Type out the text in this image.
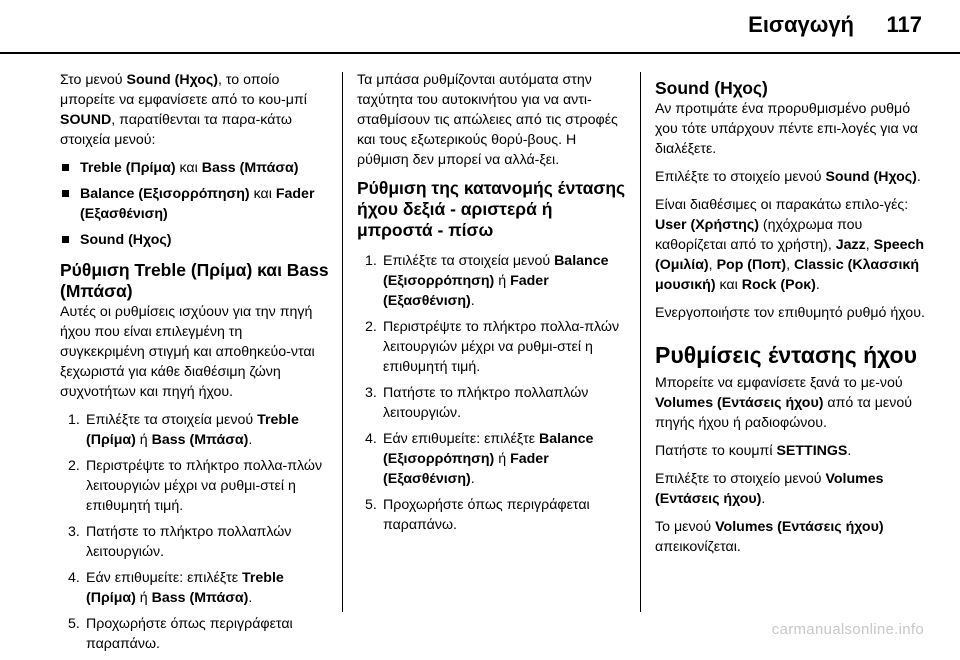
Εισαγωγή 117

Στο μενού Sound (Ηχος), το οποίο μπορείτε να εμφανίσετε από το κου-μπί SOUND, παρατίθενται τα παρα-κάτω στοιχεία μενού:

Treble (Πρίμα) και Bass (Μπάσα)
Balance (Εξισορρόπηση) και Fader (Εξασθένιση)
Sound (Ηχος)
Ρύθμιση Treble (Πρίμα) και Bass (Μπάσα)

Αυτές οι ρυθμίσεις ισχύουν για την πηγή ήχου που είναι επιλεγμένη τη συγκεκριμένη στιγμή και αποθηκεύο-νται ξεχωριστά για κάθε διαθέσιμη ζώνη συχνοτήτων και πηγή ήχου.

1. Επιλέξτε τα στοιχεία μενού Treble (Πρίμα) ή Bass (Μπάσα).
2. Περιστρέψτε το πλήκτρο πολλα-πλών λειτουργιών μέχρι να ρυθμι-στεί η επιθυμητή τιμή.
3. Πατήστε το πλήκτρο πολλαπλών λειτουργιών.
4. Εάν επιθυμείτε: επιλέξτε Treble (Πρίμα) ή Bass (Μπάσα).
5. Προχωρήστε όπως περιγράφεται παραπάνω.

Τα μπάσα ρυθμίζονται αυτόματα στην ταχύτητα του αυτοκινήτου για να αντι-σταθμίσουν τις απώλειες από τις στροφές και τους εξωτερικούς θορύ-βους. Η ρύθμιση δεν μπορεί να αλλά-ξει.

Ρύθμιση της κατανομής έντασης ήχου δεξιά - αριστερά ή μπροστά - πίσω
1. Επιλέξτε τα στοιχεία μενού Balance (Εξισορρόπηση) ή Fader (Εξασθένιση).
2. Περιστρέψτε το πλήκτρο πολλα-πλών λειτουργιών μέχρι να ρυθμι-στεί η επιθυμητή τιμή.
3. Πατήστε το πλήκτρο πολλαπλών λειτουργιών.
4. Εάν επιθυμείτε: επιλέξτε Balance (Εξισορρόπηση) ή Fader (Εξασθένιση).
5. Προχωρήστε όπως περιγράφεται παραπάνω.
Sound (Ηχος)

Αν προτιμάτε ένα προρυθμισμένο ρυθμό χου τότε υπάρχουν πέντε επι-λογές για να διαλέξετε.

Επιλέξτε το στοιχείο μενού Sound (Ηχος).

Είναι διαθέσιμες οι παρακάτω επιλο-γές: User (Χρήστης) (ηχόχρωμα που καθορίζεται από το χρήστη), Jazz, Speech (Ομιλία), Pop (Ποπ), Classic (Κλασσική μουσική) και Rock (Ροκ).

Ενεργοποιήστε τον επιθυμητό ρυθμό ήχου.

Ρυθμίσεις έντασης ήχου

Μπορείτε να εμφανίσετε ξανά το με-νού Volumes (Εντάσεις ήχου) από τα μενού πηγής ήχου ή ραδιοφώνου.

Πατήστε το κουμπί SETTINGS.

Επιλέξτε το στοιχείο μενού Volumes (Εντάσεις ήχου).

Το μενού Volumes (Εντάσεις ήχου) απεικονίζεται.

carmanualsonline.info
